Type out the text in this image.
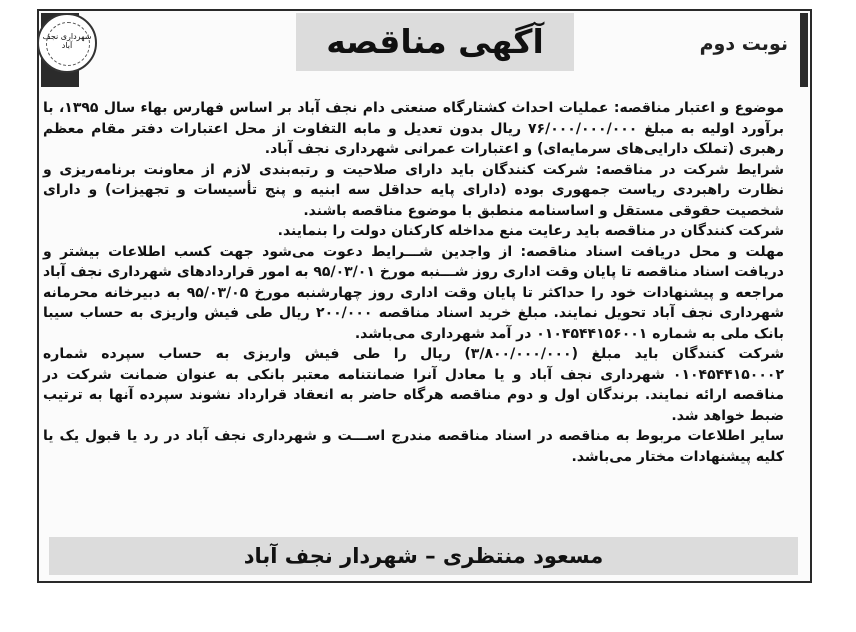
آگهی مناقصه	نوبت دوم
شهرداری نجف آباد

موضوع و اعتبار مناقصه: عملیات احداث کشتارگاه صنعتی دام نجف آباد بر اساس فهارس بهاء سال ۱۳۹۵، با برآورد اولیه به مبلغ ۷۶/۰۰۰/۰۰۰/۰۰۰ ریال بدون تعدیل و مابه التفاوت از محل اعتبارات دفتر مقام معظم رهبری (تملک دارایی‌های سرمایه‌ای) و اعتبارات عمرانی شهرداری نجف آباد.

شرایط شرکت در مناقصه: شرکت کنندگان باید دارای صلاحیت و رتبه‌بندی لازم از معاونت برنامه‌ریزی و نظارت راهبردی ریاست جمهوری بوده (دارای پایه حداقل سه ابنیه و پنج تأسیسات و تجهیزات) و دارای شخصیت حقوقی مستقل و اساسنامه منطبق با موضوع مناقصه باشند.

شرکت کنندگان در مناقصه باید رعایت منع مداخله کارکنان دولت را بنمایند.

مهلت و محل دریافت اسناد مناقصه: از واجدین شـــرایط دعوت می‌شود جهت کسب اطلاعات بیشتر و دریافت اسناد مناقصه تا پایان وقت اداری روز شـــنبه مورخ ۹۵/۰۳/۰۱ به امور قراردادهای شهرداری نجف آباد مراجعه و پیشنهادات خود را حداکثر تا پایان وقت اداری روز چهارشنبه مورخ ۹۵/۰۳/۰۵ به دبیرخانه محرمانه شهرداری نجف آباد تحویل نمایند. مبلغ خرید اسناد مناقصه ۲۰۰/۰۰۰ ریال طی فیش واریزی به حساب سیبا بانک ملی به شماره ۰۱۰۴۵۴۴۱۵۶۰۰۱ در آمد شهرداری می‌باشد.

شرکت کنندگان باید مبلغ (۳/۸۰۰/۰۰۰/۰۰۰) ریال را طی فیش واریزی به حساب سپرده شماره ۰۱۰۴۵۴۴۱۵۰۰۰۲ شهرداری نجف آباد و یا معادل آنرا ضمانتنامه معتبر بانکی به عنوان ضمانت شرکت در مناقصه ارائه نمایند. برندگان اول و دوم مناقصه هرگاه حاضر به انعقاد قرارداد نشوند سپرده آنها به ترتیب ضبط خواهد شد.

سایر اطلاعات مربوط به مناقصه در اسناد مناقصه مندرج اســـت و شهرداری نجف آباد در رد یا قبول یک یا کلیه پیشنهادات مختار می‌باشد.

مسعود منتظری – شهردار نجف آباد
